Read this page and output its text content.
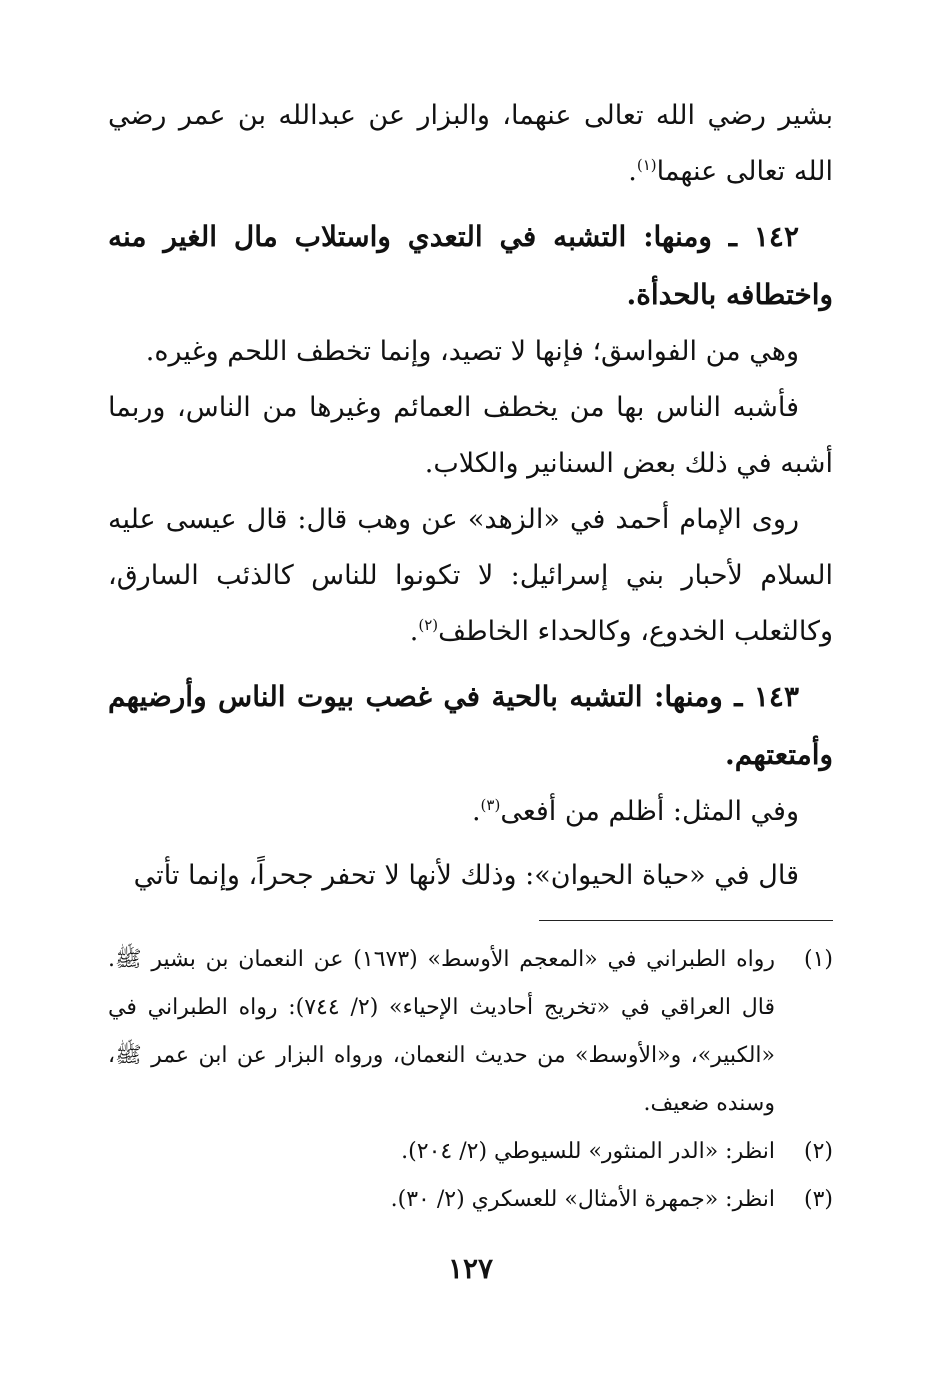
بشير رضي الله تعالى عنهما، والبزار عن عبدالله بن عمر رضي الله تعالى عنهما$^{(١)}$.

١٤٢ ـ ومنها: التشبه في التعدي واستلاب مال الغير منه واختطافه بالحدأة.

وهي من الفواسق؛ فإنها لا تصيد، وإنما تخطف اللحم وغيره.

فأشبه الناس بها من يخطف العمائم وغيرها من الناس، وربما أشبه في ذلك بعض السنانير والكلاب.

روى الإمام أحمد في «الزهد» عن وهب قال: قال عيسى عليه السلام لأحبار بني إسرائيل: لا تكونوا للناس كالذئب السارق، وكالثعلب الخدوع، وكالحداء الخاطف$^{(٢)}$.

١٤٣ ـ ومنها: التشبه بالحية في غصب بيوت الناس وأرضيهم وأمتعتهم.

وفي المثل: أظلم من أفعى$^{(٣)}$.

قال في «حياة الحيوان»: وذلك لأنها لا تحفر جحراً، وإنما تأتي

(١)
رواه الطبراني في «المعجم الأوسط» (١٦٧٣) عن النعمان بن بشير ﷺ. قال العراقي في «تخريج أحاديث الإحياء» (٢/ ٧٤٤): رواه الطبراني في «الكبير»، و«الأوسط» من حديث النعمان، ورواه البزار عن ابن عمر ﷺ، وسنده ضعيف.
(٢)
انظر: «الدر المنثور» للسيوطي (٢/ ٢٠٤).
(٣)
انظر: «جمهرة الأمثال» للعسكري (٢/ ٣٠).
١٢٧
